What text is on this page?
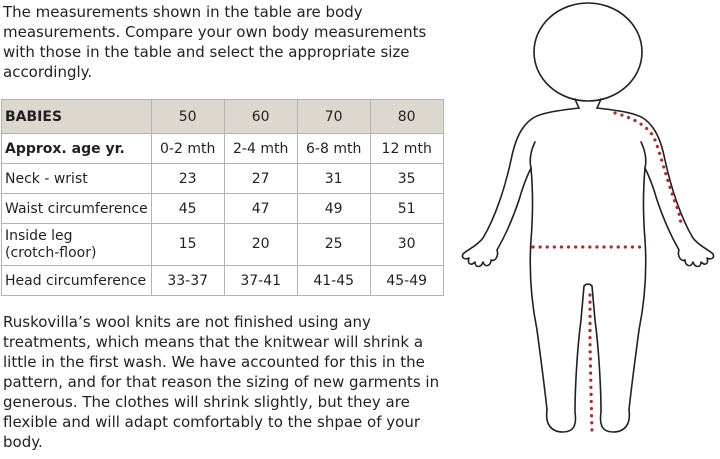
The measurements shown in the table are body measurements. Compare your own body measurements with those in the table and select the appropriate size accordingly.

BABIES	50	60	70	80
Approx. age yr.	0-2 mth	2-4 mth	6-8 mth	12 mth
Neck - wrist	23	27	31	35
Waist circumference	45	47	49	51
Inside leg
(crotch-floor)	15	20	25	30
Head circumference	33-37	37-41	41-45	45-49

Ruskovilla’s wool knits are not finished using any treatments, which means that the knitwear will shrink a little in the first wash. We have accounted for this in the pattern, and for that reason the sizing of new garments in generous. The clothes will shrink slightly, but they are flexible and will adapt comfortably to the shpae of your body.
